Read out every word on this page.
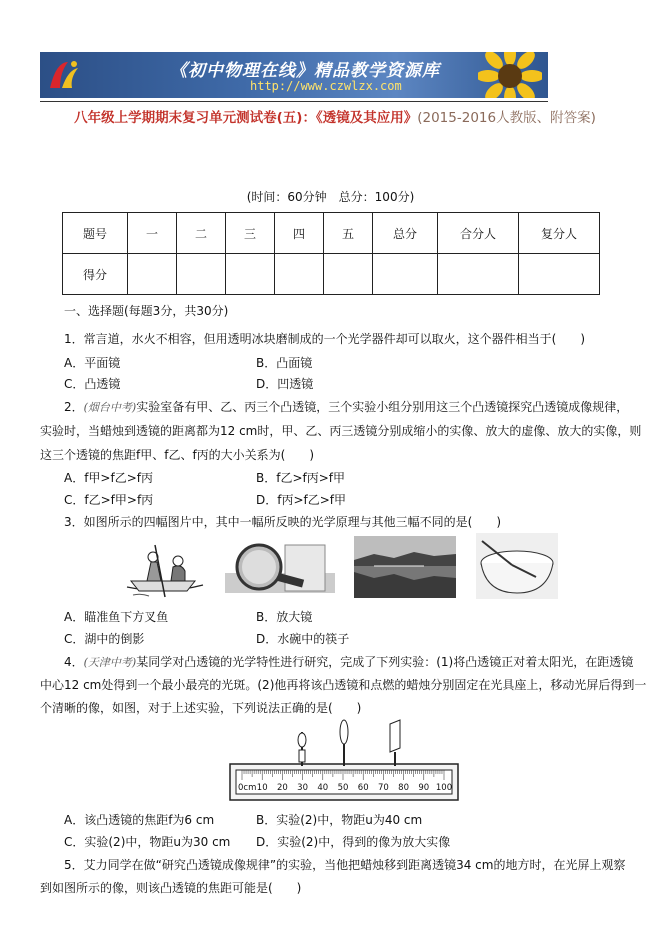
《初中物理在线》精品教学资源库
http://www.czwlzx.com
八年级上学期期末复习单元测试卷(五)：《透镜及其应用》(2015-2016人教版、附答案)
(时间：60分钟　总分：100分)
题号	一	二	三	四	五	总分	合分人	复分人
得分								
一、选择题(每题3分，共30分)
1．常言道，水火不相容，但用透明冰块磨制成的一个光学器件却可以取火，这个器件相当于(　　)
A．平面镜	B．凸面镜
C．凸透镜	D．凹透镜
2．(烟台中考)实验室备有甲、乙、丙三个凸透镜，三个实验小组分别用这三个凸透镜探究凸透镜成像规律，
实验时，当蜡烛到透镜的距离都为12 cm时，甲、乙、丙三透镜分别成缩小的实像、放大的虚像、放大的实像，则
这三个透镜的焦距f甲、f乙、f丙的大小关系为(　　)
A．f甲>f乙>f丙	B．f乙>f丙>f甲
C．f乙>f甲>f丙	D．f丙>f乙>f甲
3．如图所示的四幅图片中，其中一幅所反映的光学原理与其他三幅不同的是(　　)
A．瞄准鱼下方叉鱼	B．放大镜
C．湖中的倒影	D．水碗中的筷子
4．(天津中考)某同学对凸透镜的光学特性进行研究，完成了下列实验：(1)将凸透镜正对着太阳光，在距透镜
中心12 cm处得到一个最小最亮的光斑。(2)他再将该凸透镜和点燃的蜡烛分别固定在光具座上，移动光屏后得到一
个清晰的像，如图，对于上述实验，下列说法正确的是(　　)
0cm 10 20 30 40 50 60 70 80 90 100
A．该凸透镜的焦距f为6 cm	B．实验(2)中，物距u为40 cm
C．实验(2)中，物距u为30 cm D．实验(2)中，得到的像为放大实像
5．艾力同学在做“研究凸透镜成像规律”的实验，当他把蜡烛移到距离透镜34 cm的地方时，在光屏上观察
到如图所示的像，则该凸透镜的焦距可能是(　　)
